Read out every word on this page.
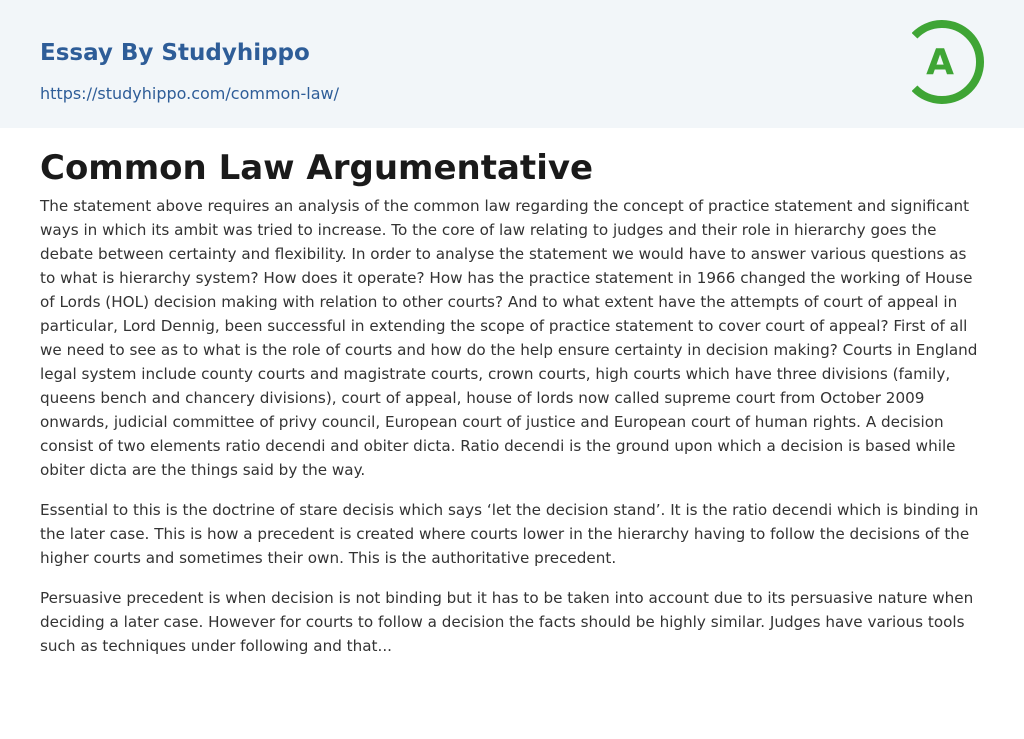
Essay By Studyhippo
https://studyhippo.com/common-law/
A
Common Law Argumentative

The statement above requires an analysis of the common law regarding the concept of practice statement and significant ways in which its ambit was tried to increase. To the core of law relating to judges and their role in hierarchy goes the debate between certainty and flexibility. In order to analyse the statement we would have to answer various questions as to what is hierarchy system? How does it operate? How has the practice statement in 1966 changed the working of House of Lords (HOL) decision making with relation to other courts? And to what extent have the attempts of court of appeal in particular, Lord Dennig, been successful in extending the scope of practice statement to cover court of appeal? First of all we need to see as to what is the role of courts and how do the help ensure certainty in decision making? Courts in England legal system include county courts and magistrate courts, crown courts, high courts which have three divisions (family, queens bench and chancery divisions), court of appeal, house of lords now called supreme court from October 2009 onwards, judicial committee of privy council, European court of justice and European court of human rights. A decision consist of two elements ratio decendi and obiter dicta. Ratio decendi is the ground upon which a decision is based while obiter dicta are the things said by the way.

Essential to this is the doctrine of stare decisis which says ‘let the decision stand’. It is the ratio decendi which is binding in the later case. This is how a precedent is created where courts lower in the hierarchy having to follow the decisions of the higher courts and sometimes their own. This is the authoritative precedent.

Persuasive precedent is when decision is not binding but it has to be taken into account due to its persuasive nature when deciding a later case. However for courts to follow a decision the facts should be highly similar. Judges have various tools such as techniques under following and that...
